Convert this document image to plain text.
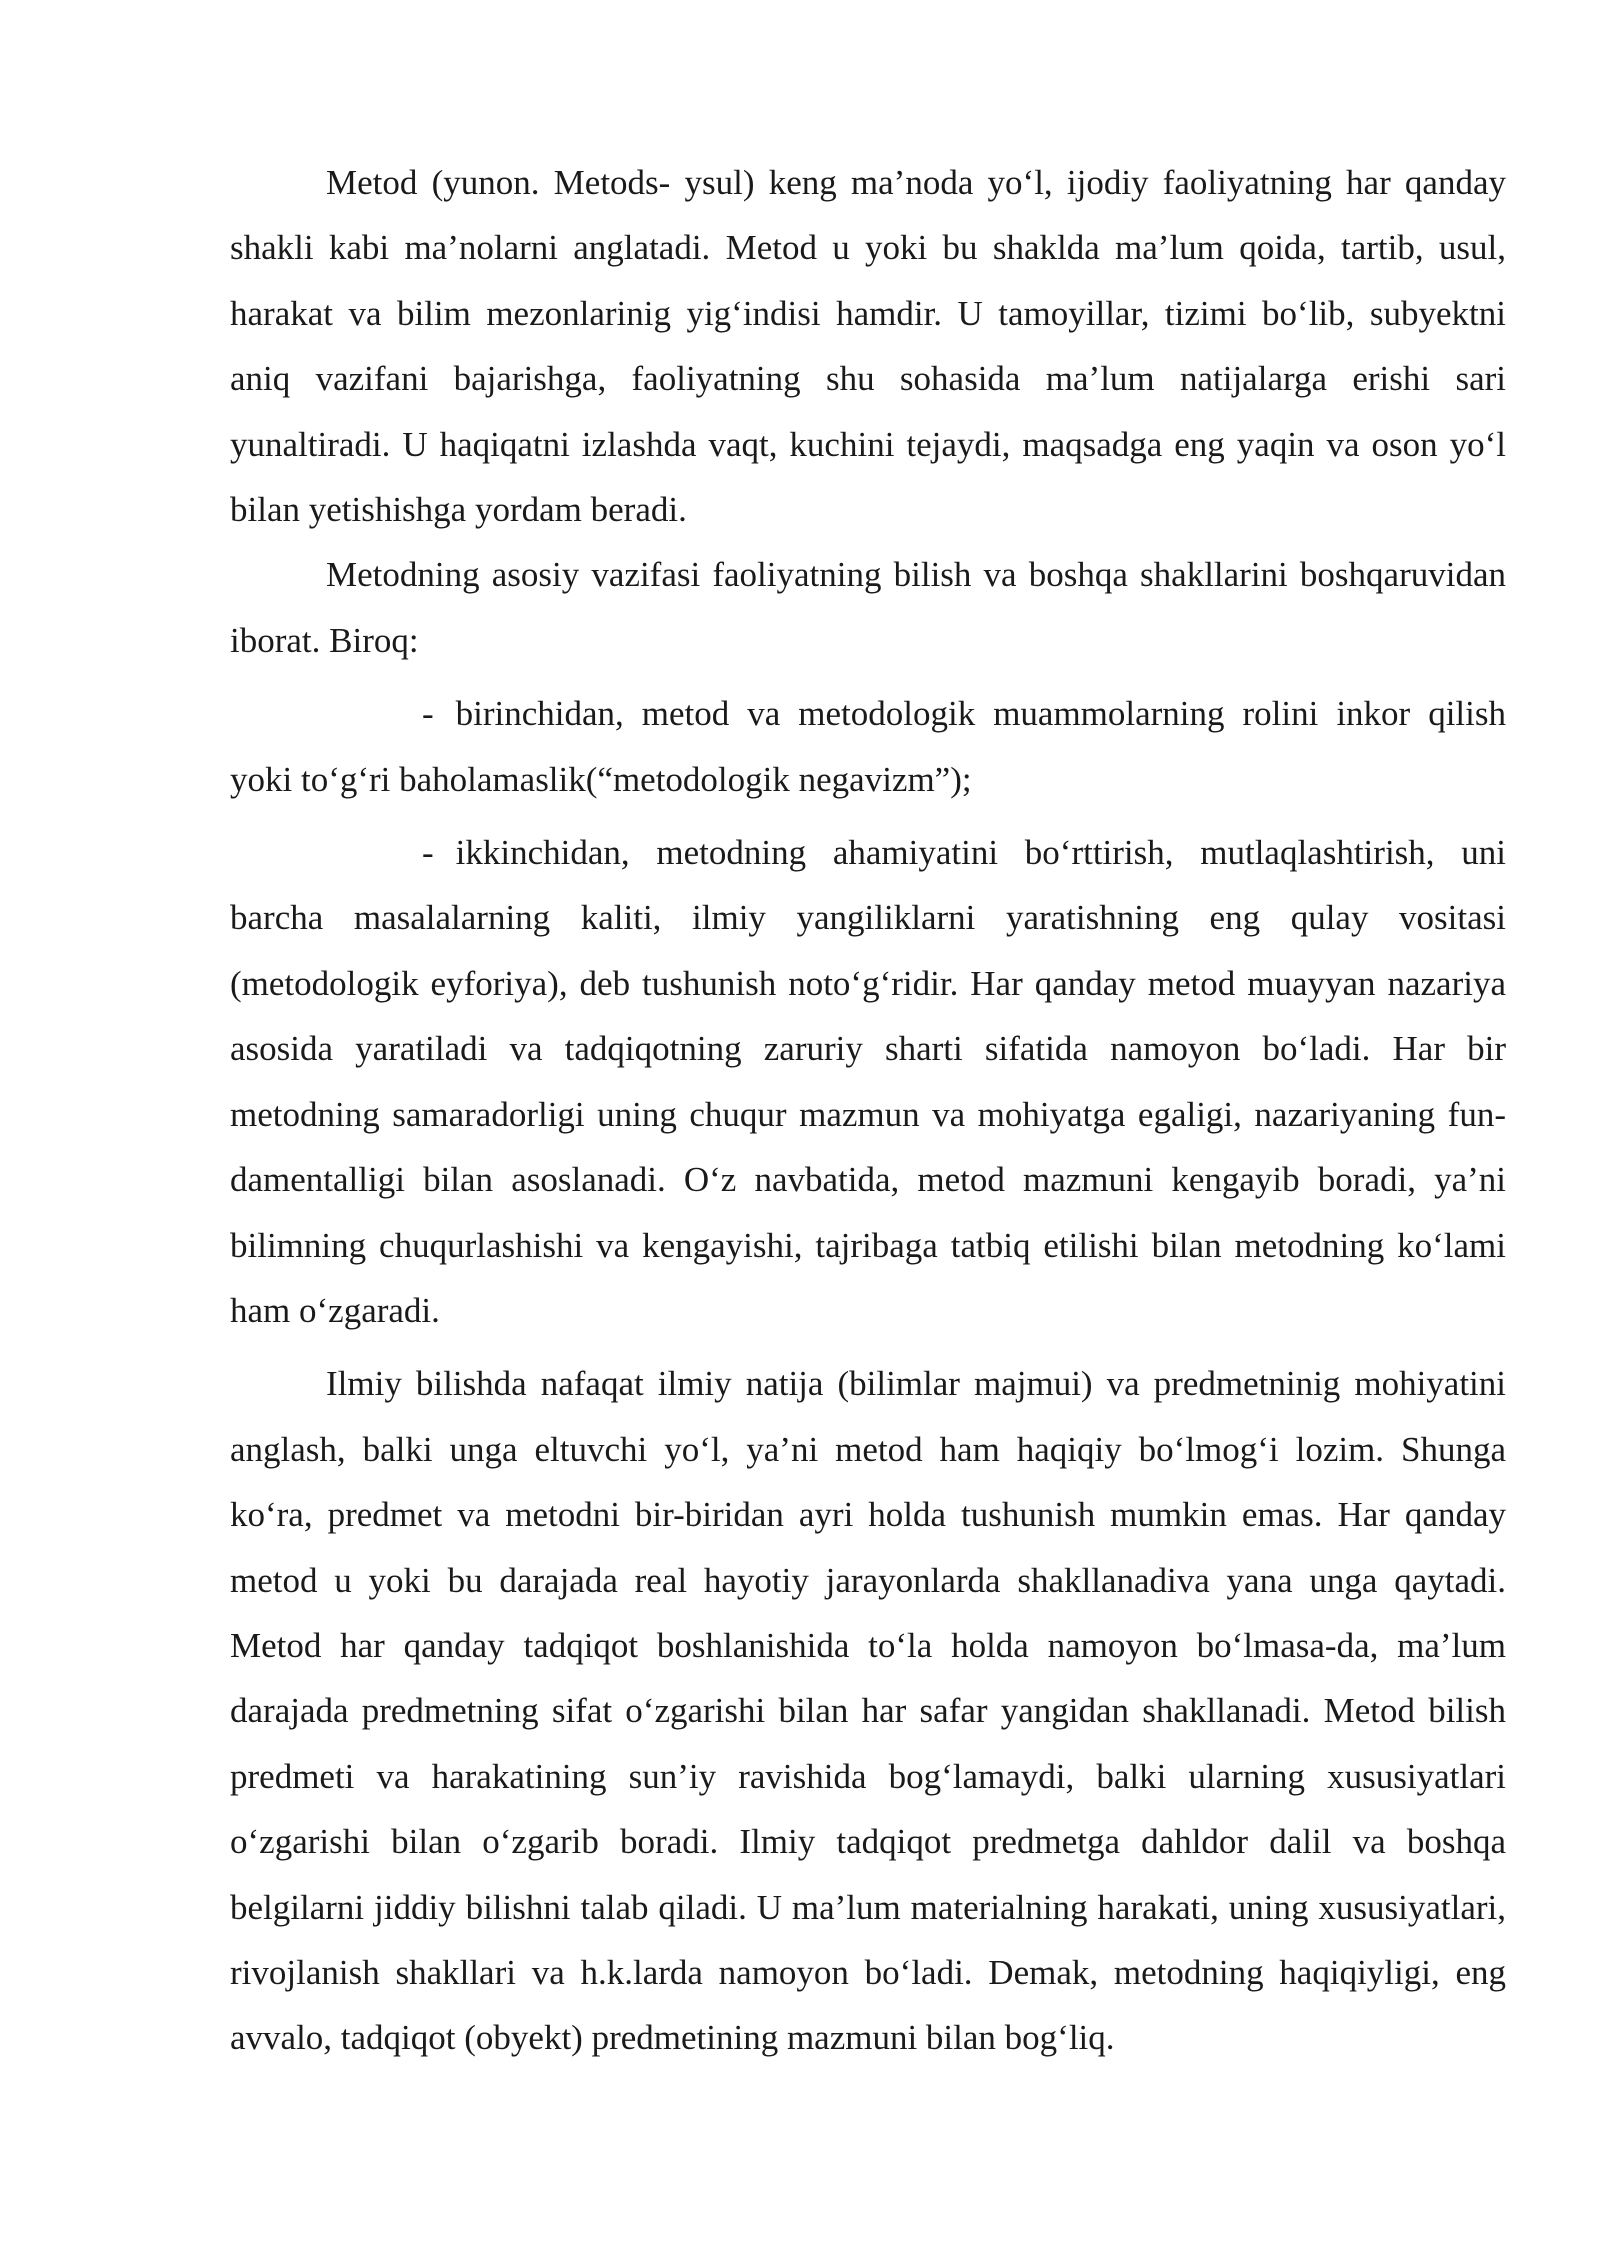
Metod (yunon. Metods- ysul) keng ma’noda yo‘l, ijodiy faoliyatning har qanday shakli kabi ma’nolarni anglatadi. Metod u yoki bu shaklda ma’lum qoida, tartib, usul, harakat va bilim mezonlarinig yig‘indisi hamdir. U tamoyillar, tizimi bo‘lib, subyektni aniq vazifani bajarishga, faoliyatning shu sohasida ma’lum natijalarga erishi sari yunaltiradi. U haqiqatni izlashda vaqt, kuchini tejaydi, maqsadga eng yaqin va oson yo‘l bilan yetishishga yordam beradi.

Metodning asosiy vazifasi faoliyatning bilish va boshqa shakllarini boshqaruvidan iborat. Biroq:

- birinchidan, metod va metodologik muammolarning rolini inkor qilish yoki to‘g‘ri baholamaslik(“metodologik negavizm”);

- ikkinchidan, metodning ahamiyatini bo‘rttirish, mutlaqlashtirish, uni barcha masalalarning kaliti, ilmiy yangiliklarni yaratishning eng qulay vositasi (metodologik eyforiya), deb tushunish noto‘g‘ridir. Har qanday metod muayyan nazariya asosida yaratiladi va tadqiqotning zaruriy sharti sifatida namoyon bo‘ladi. Har bir metodning samaradorligi uning chuqur mazmun va mohiyatga egaligi, nazariyaning fun- damentalligi bilan asoslanadi. O‘z navbatida, metod mazmuni kengayib boradi, ya’ni bilimning chuqurlashishi va kengayishi, tajribaga tatbiq etilishi bilan metodning ko‘lami ham o‘zgaradi.

Ilmiy bilishda nafaqat ilmiy natija (bilimlar majmui) va predmetninig mohiyatini anglash, balki unga eltuvchi yo‘l, ya’ni metod ham haqiqiy bo‘lmog‘i lozim. Shunga ko‘ra, predmet va metodni bir-biridan ayri holda tushunish mumkin emas. Har qanday metod u yoki bu darajada real hayotiy jarayonlarda shakllanadiva yana unga qaytadi. Metod har qanday tadqiqot boshlanishida to‘la holda namoyon bo‘lmasa-da, ma’lum darajada predmetning sifat o‘zgarishi bilan har safar yangidan shakllanadi. Metod bilish predmeti va harakatining sun’iy ravishida bog‘lamaydi, balki ularning xususiyatlari o‘zgarishi bilan o‘zgarib boradi. Ilmiy tadqiqot predmetga dahldor dalil va boshqa belgilarni jiddiy bilishni talab qiladi. U ma’lum materialning harakati, uning xususiyatlari, rivojlanish shakllari va h.k.larda namoyon bo‘ladi. Demak, metodning haqiqiyligi, eng avvalo, tadqiqot (obyekt) predmetining mazmuni bilan bog‘liq.
